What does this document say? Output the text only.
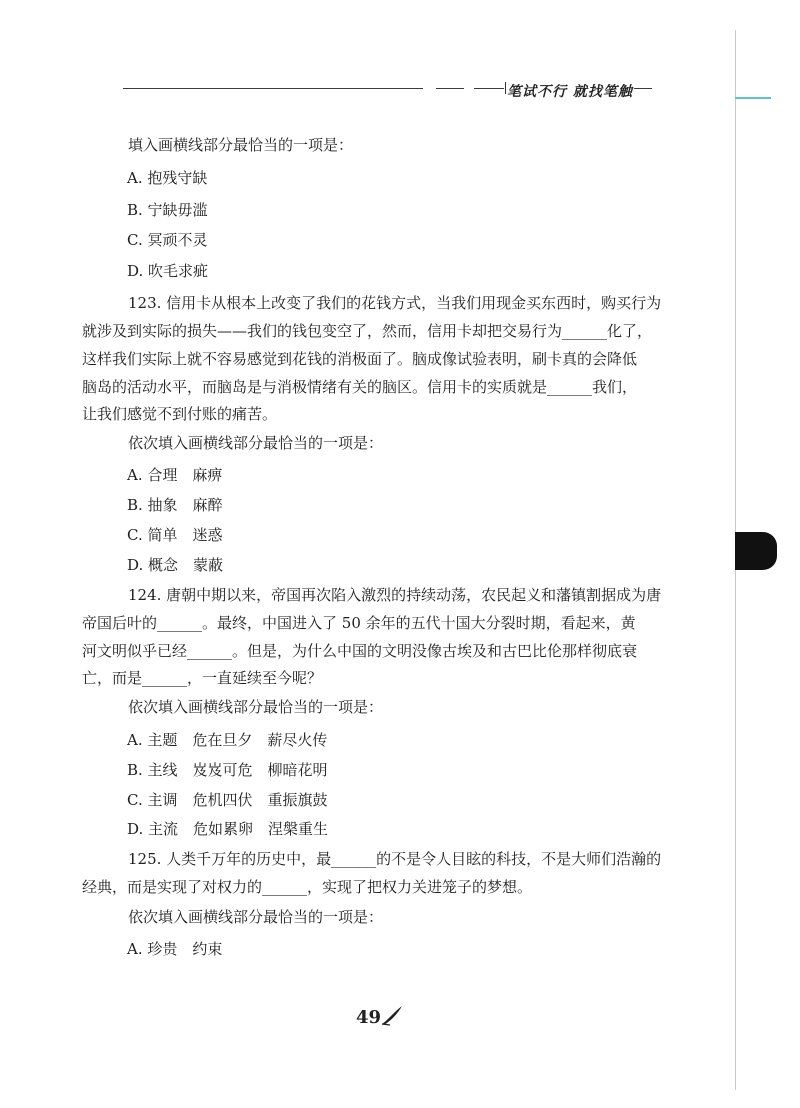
笔试不行 就找笔触
填入画横线部分最恰当的一项是：
A. 抱残守缺
B. 宁缺毋滥
C. 冥顽不灵
D. 吹毛求疵
123. 信用卡从根本上改变了我们的花钱方式，当我们用现金买东西时，购买行为
就涉及到实际的损失——我们的钱包变空了，然而，信用卡却把交易行为______化了，
这样我们实际上就不容易感觉到花钱的消极面了。脑成像试验表明，刷卡真的会降低
脑岛的活动水平，而脑岛是与消极情绪有关的脑区。信用卡的实质就是______我们，
让我们感觉不到付账的痛苦。
依次填入画横线部分最恰当的一项是：
A. 合理　麻痹
B. 抽象　麻醉
C. 简单　迷惑
D. 概念　蒙蔽
124. 唐朝中期以来，帝国再次陷入激烈的持续动荡，农民起义和藩镇割据成为唐
帝国后叶的______。最终，中国进入了 50 余年的五代十国大分裂时期，看起来，黄
河文明似乎已经______。但是，为什么中国的文明没像古埃及和古巴比伦那样彻底衰
亡，而是______，一直延续至今呢？
依次填入画横线部分最恰当的一项是：
A. 主题　危在旦夕　薪尽火传
B. 主线　岌岌可危　柳暗花明
C. 主调　危机四伏　重振旗鼓
D. 主流　危如累卵　涅槃重生
125. 人类千万年的历史中，最______的不是令人目眩的科技，不是大师们浩瀚的
经典，而是实现了对权力的______，实现了把权力关进笼子的梦想。
依次填入画横线部分最恰当的一项是：
A. 珍贵　约束
49
